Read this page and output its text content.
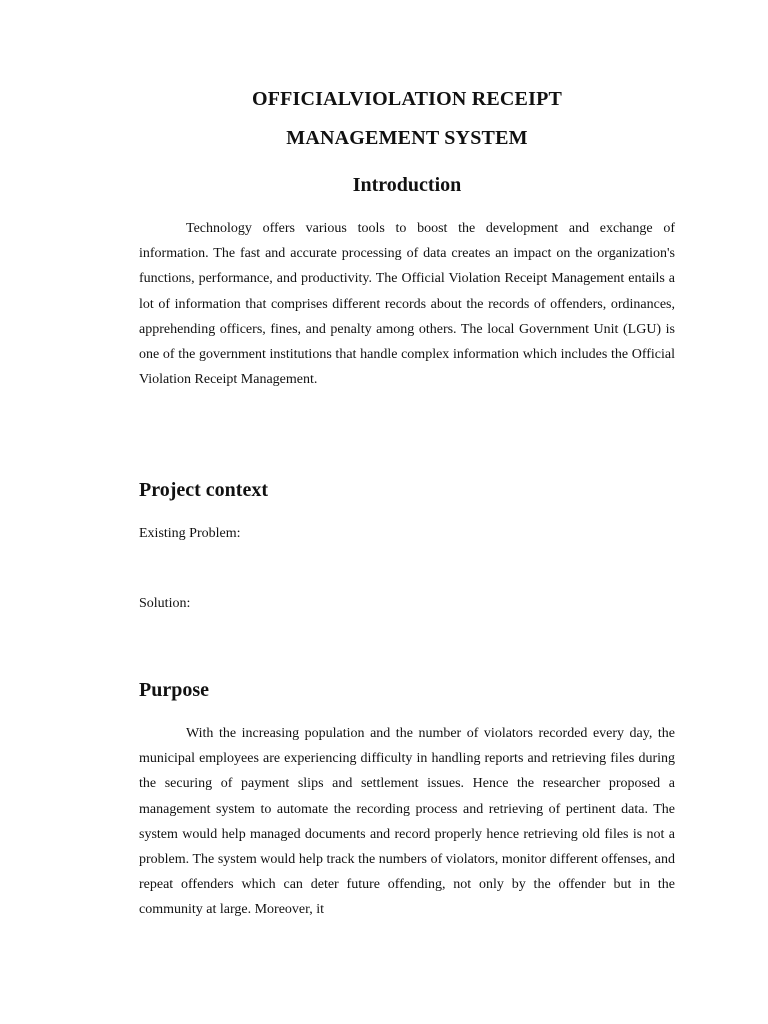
OFFICIALVIOLATION RECEIPT
MANAGEMENT SYSTEM
Introduction

Technology offers various tools to boost the development and exchange of information. The fast and accurate processing of data creates an impact on the organization's functions, performance, and productivity. The Official Violation Receipt Management entails a lot of information that comprises different records about the records of offenders, ordinances, apprehending officers, fines, and penalty among others. The local Government Unit (LGU) is one of the government institutions that handle complex information which includes the Official Violation Receipt Management.

Project context

Existing Problem:

Solution:

Purpose

With the increasing population and the number of violators recorded every day, the municipal employees are experiencing difficulty in handling reports and retrieving files during the securing of payment slips and settlement issues. Hence the researcher proposed a management system to automate the recording process and retrieving of pertinent data. The system would help managed documents and record properly hence retrieving old files is not a problem. The system would help track the numbers of violators, monitor different offenses, and repeat offenders which can deter future offending, not only by the offender but in the community at large. Moreover, it
